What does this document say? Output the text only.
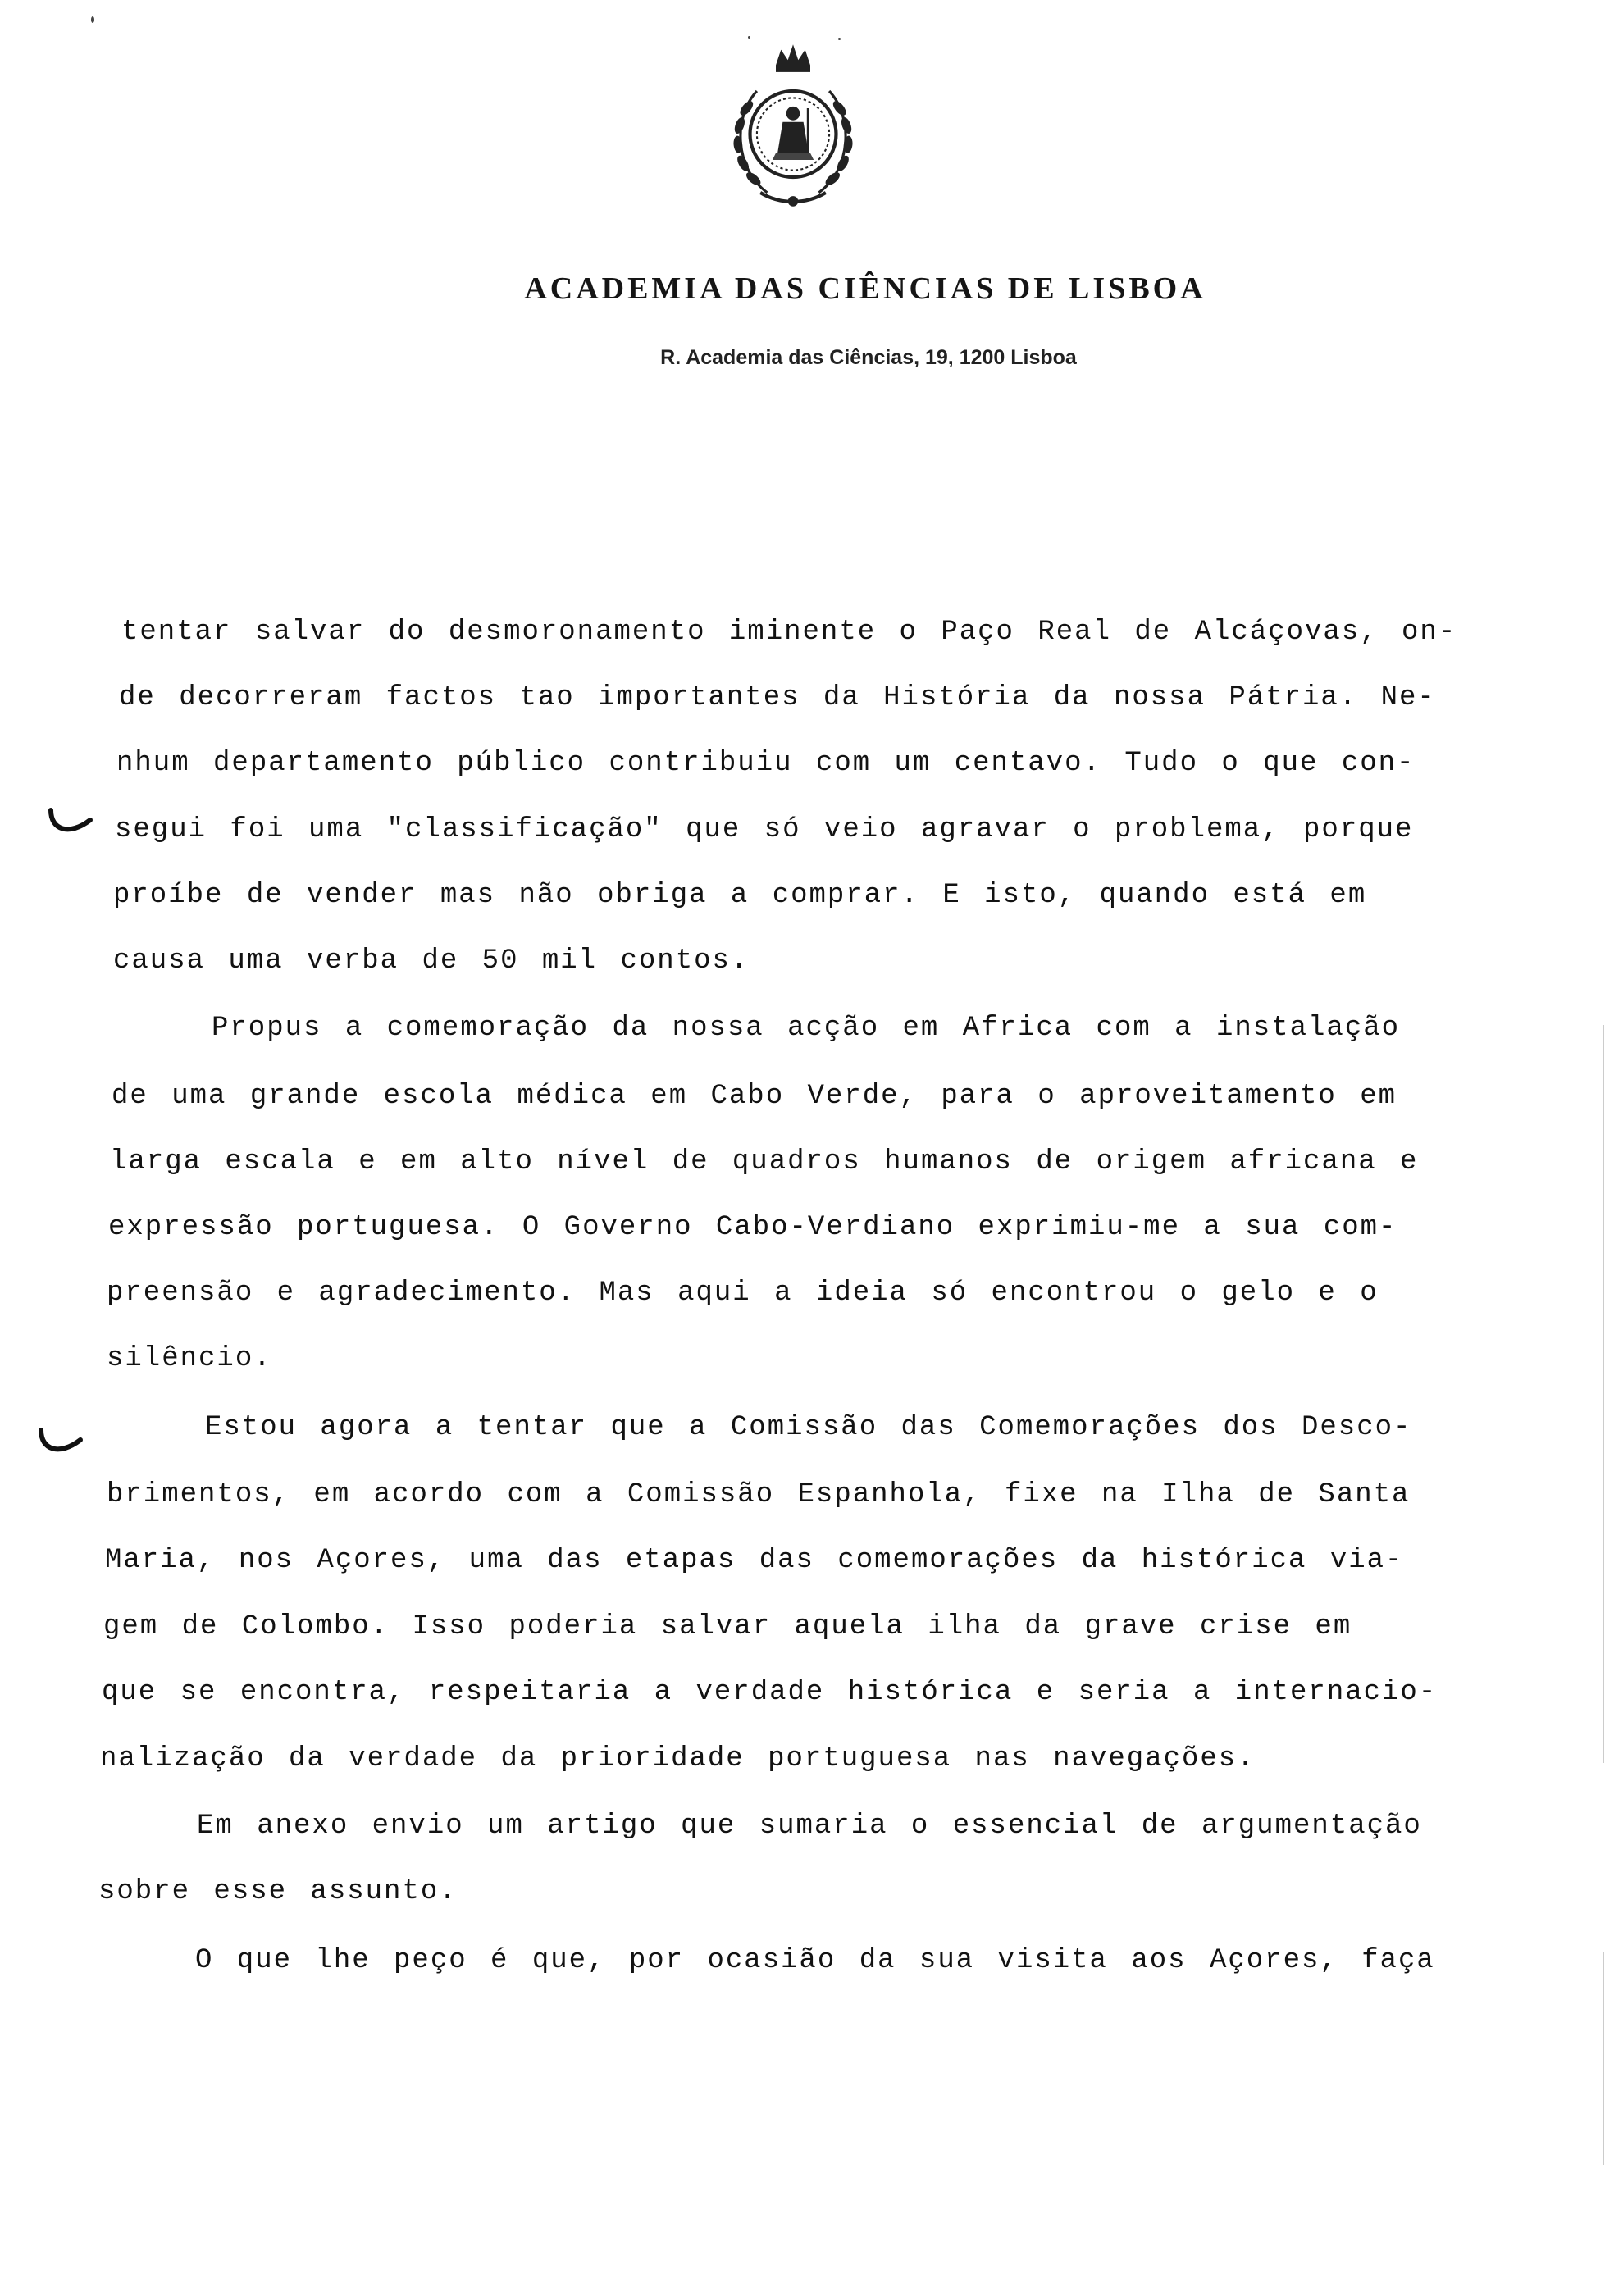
ACADEMIA DAS CIÊNCIAS DE LISBOA
R. Academia das Ciências, 19, 1200 Lisboa

tentar salvar do desmoronamento iminente o Paço Real de Alcáçovas, on-

de decorreram factos tao importantes da História da nossa Pátria. Ne-

nhum departamento público contribuiu com um centavo. Tudo o que con-

segui foi uma "classificação" que só veio agravar o problema, porque

proíbe de vender mas não obriga a comprar. E isto, quando está em

causa uma verba de 50 mil contos.

Propus a comemoração da nossa acção em Africa com a instalação

de uma grande escola médica em Cabo Verde, para o aproveitamento em

larga escala e em alto nível de quadros humanos de origem africana e

expressão portuguesa. O Governo Cabo-Verdiano exprimiu-me a sua com-

preensão e agradecimento. Mas aqui a ideia só encontrou o gelo e o

silêncio.

Estou agora a tentar que a Comissão das Comemorações dos Desco-

brimentos, em acordo com a Comissão Espanhola, fixe na Ilha de Santa

Maria, nos Açores, uma das etapas das comemorações da histórica via-

gem de Colombo. Isso poderia salvar aquela ilha da grave crise em

que se encontra, respeitaria a verdade histórica e seria a internacio-

nalização da verdade da prioridade portuguesa nas navegações.

Em anexo envio um artigo que sumaria o essencial de argumentação

sobre esse assunto.

O que lhe peço é que, por ocasião da sua visita aos Açores, faça
